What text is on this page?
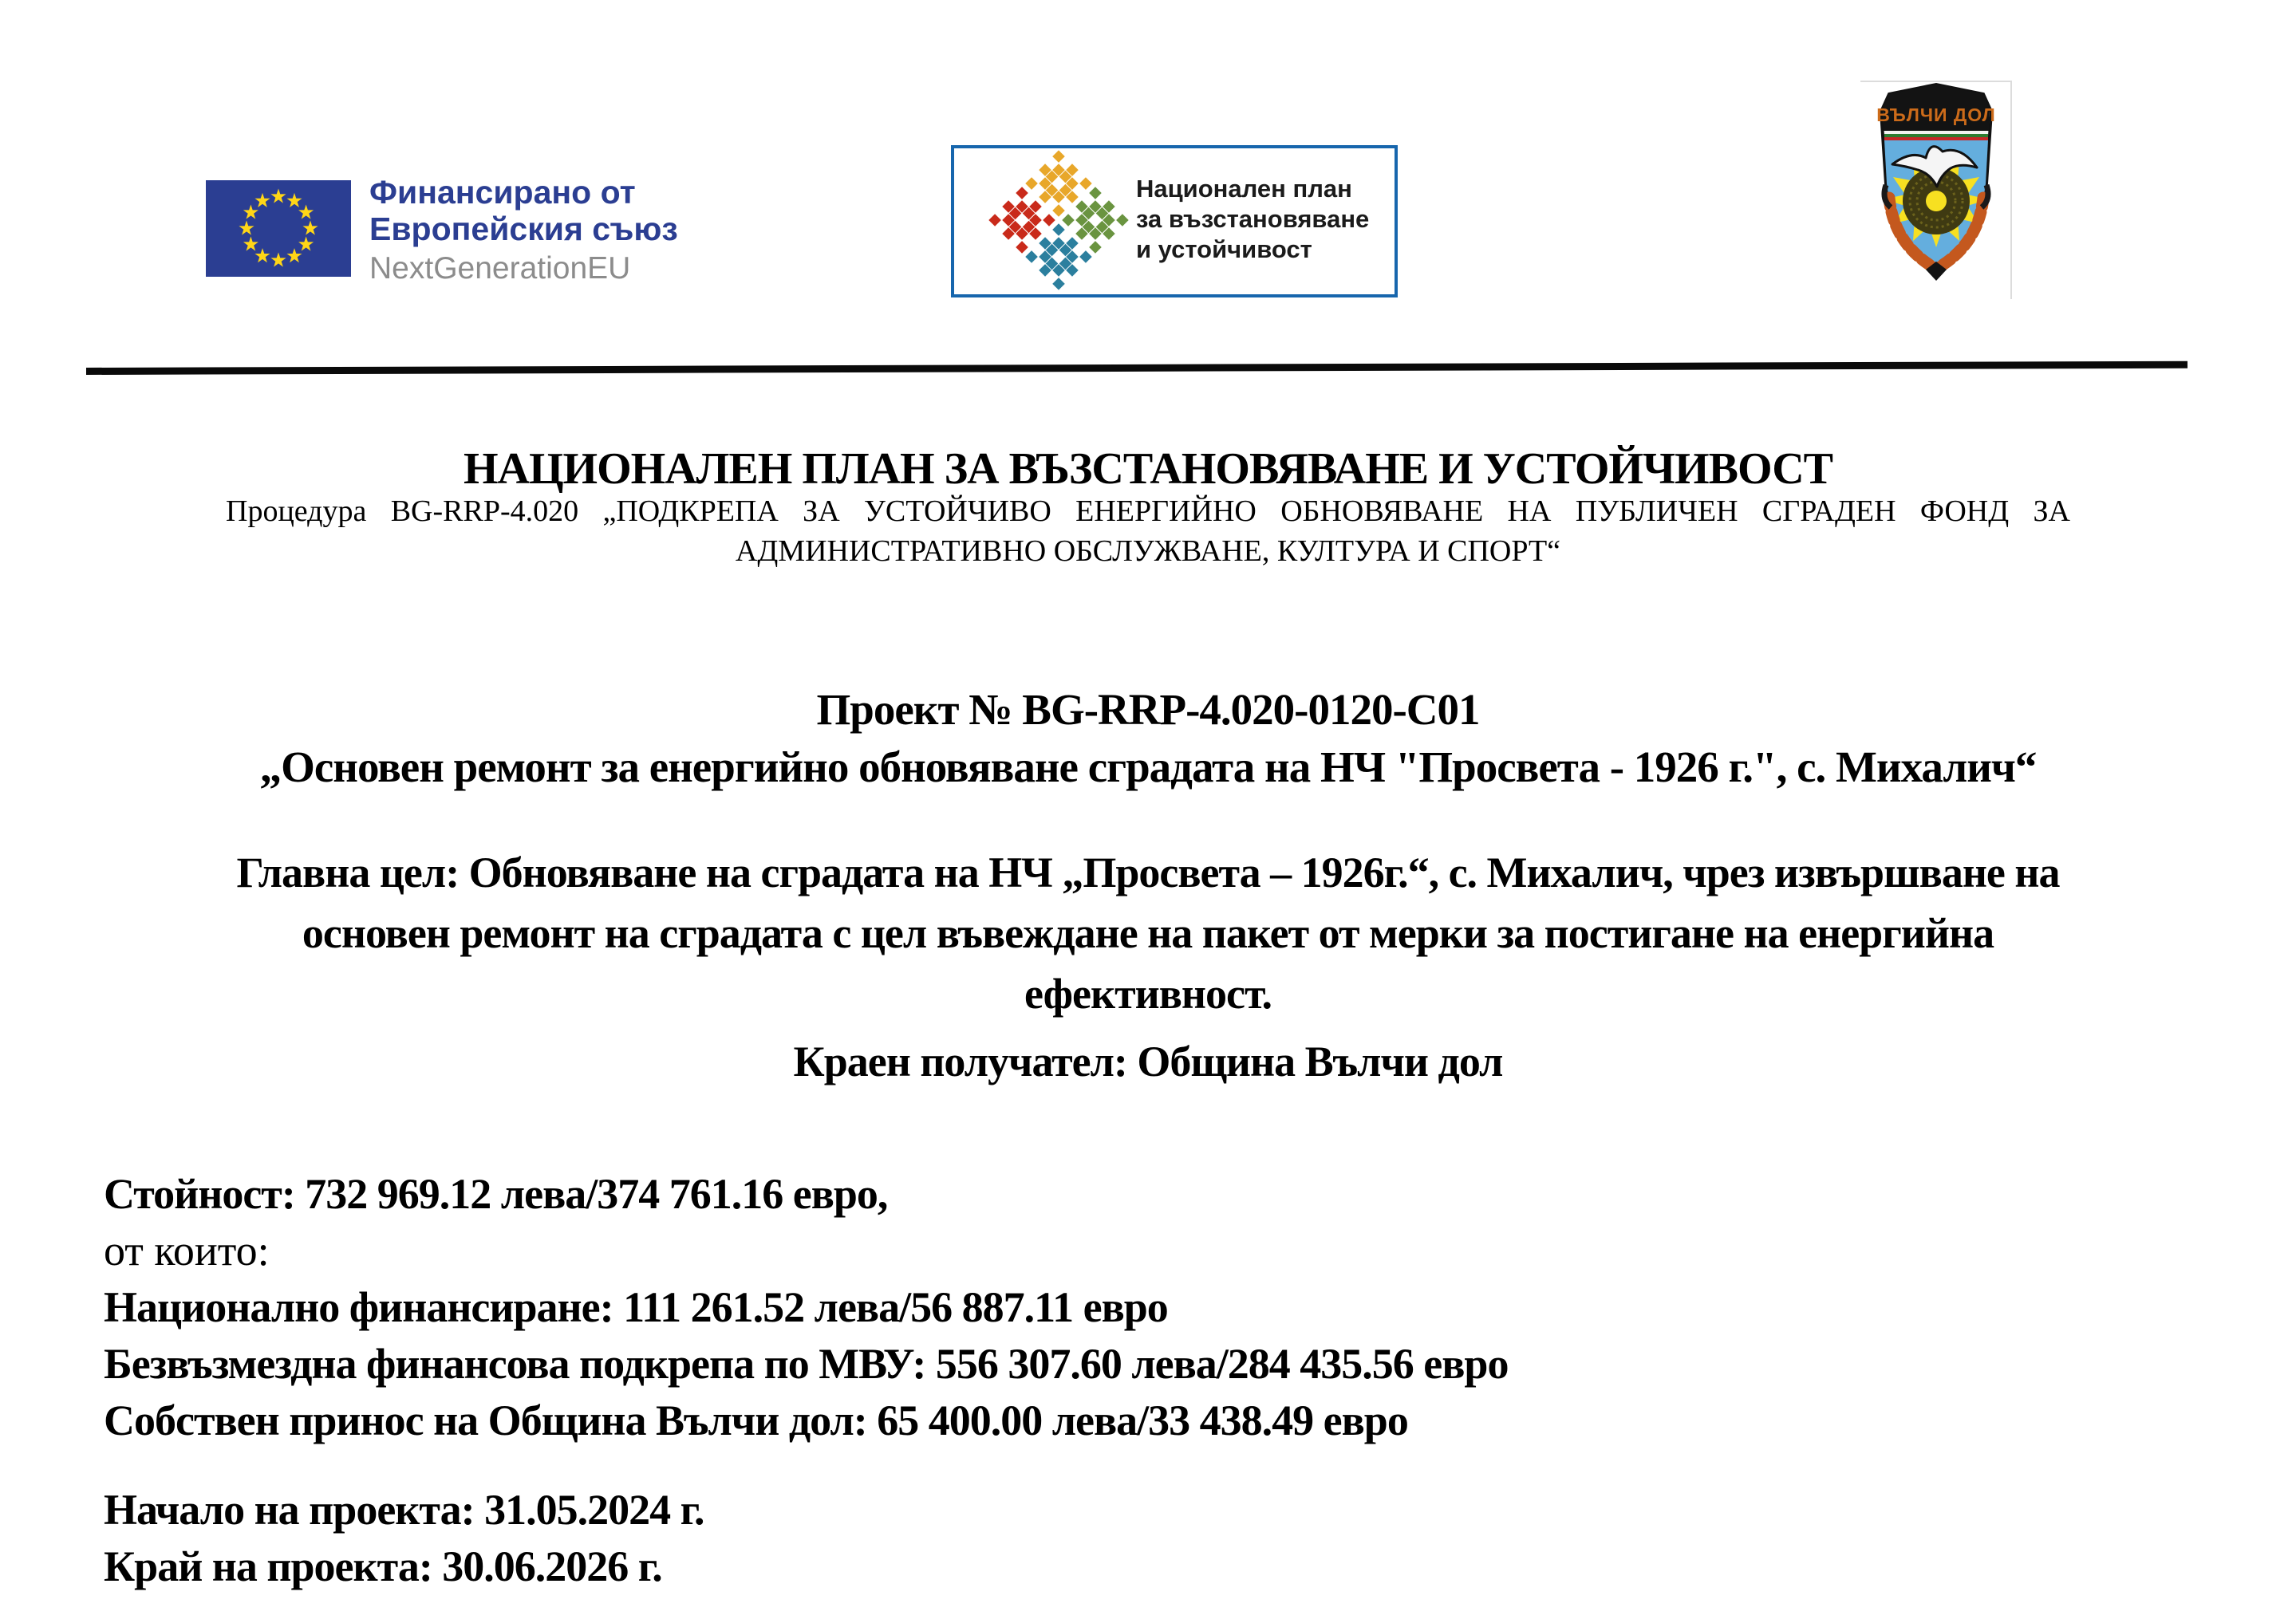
Финансирано от
Европейския съюз
NextGenerationEU
Национален план
за възстановяване
и устойчивост
ВЪЛЧИ ДОЛ
НАЦИОНАЛЕН ПЛАН ЗА ВЪЗСТАНОВЯВАНЕ И УСТОЙЧИВОСТ
Процедура BG-RRP-4.020 „ПОДКРЕПА ЗА УСТОЙЧИВО ЕНЕРГИЙНО ОБНОВЯВАНЕ НА ПУБЛИЧЕН СГРАДЕН ФОНД ЗА
АДМИНИСТРАТИВНО ОБСЛУЖВАНЕ, КУЛТУРА И СПОРТ“
Проект № BG-RRP-4.020-0120-C01
„Основен ремонт за енергийно обновяване сградата на НЧ "Просвета - 1926 г.", с. Михалич“
Главна цел: Обновяване на сградата на НЧ „Просвета – 1926г.“, с. Михалич, чрез извършване на
основен ремонт на сградата с цел въвеждане на пакет от мерки за постигане на енергийна
ефективност.
Краен получател: Община Вълчи дол
Стойност: 732 969.12 лева/374 761.16 евро,
от които:
Национално финансиране: 111 261.52 лева/56 887.11 евро
Безвъзмездна финансова подкрепа по МВУ: 556 307.60 лева/284 435.56 евро
Собствен принос на Община Вълчи дол: 65 400.00 лева/33 438.49 евро
Начало на проекта: 31.05.2024 г.
Край на проекта: 30.06.2026 г.
